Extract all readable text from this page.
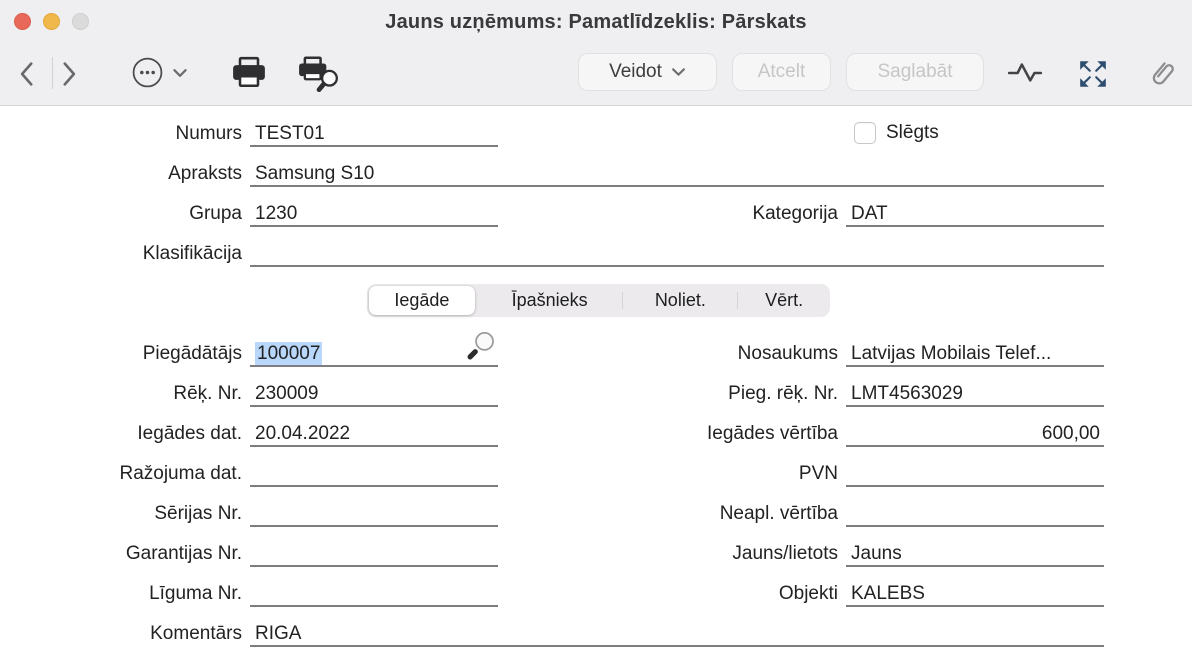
Jauns uzņēmums: Pamatlīdzeklis: Pārskats
Veidot	Atcelt	Saglabāt
Numurs TEST01	Slēgts
Apraksts Samsung S10
Grupa 1230	Kategorija DAT
Klasifikācija
Iegāde	Īpašnieks	Noliet.	Vērt.
Piegādātājs 100007	Nosaukums Latvijas Mobilais Telef...
Rēķ. Nr. 230009	Pieg. rēķ. Nr. LMT4563029
Iegādes dat. 20.04.2022	Iegādes vērtība	600,00
Ražojuma dat.	PVN
Sērijas Nr.	Neapl. vērtība
Garantijas Nr.	Jauns/lietots Jauns
Līguma Nr.	Objekti KALEBS
Komentārs RIGA
